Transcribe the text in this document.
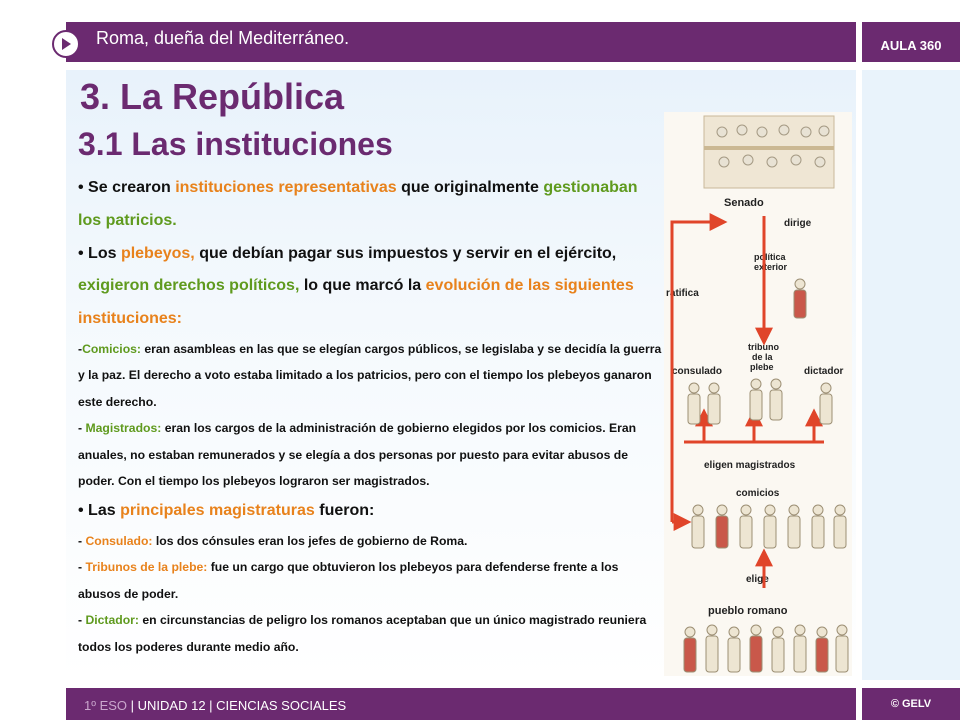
Roma, dueña del Mediterráneo.	AULA 360
3. La República
3.1 Las instituciones
• Se crearon instituciones representativas que originalmente gestionaban los patricios.
• Los plebeyos, que debían pagar sus impuestos y servir en el ejército, exigieron derechos políticos, lo que marcó la evolución de las siguientes instituciones:
-Comicios: eran asambleas en las que se elegían cargos públicos, se legislaba y se decidía la guerra y la paz. El derecho a voto estaba limitado a los patricios, pero con el tiempo los plebeyos ganaron este derecho.
- Magistrados: eran los cargos de la administración de gobierno elegidos por los comicios. Eran anuales, no estaban remunerados y se elegía a dos personas por puesto para evitar abusos de poder. Con el tiempo los plebeyos lograron ser magistrados.
• Las principales magistraturas fueron:
- Consulado: los dos cónsules eran los jefes de gobierno de Roma.
- Tribunos de la plebe: fue un cargo que obtuvieron los plebeyos para defenderse frente a los abusos de poder.
- Dictador: en circunstancias de peligro los romanos aceptaban que un único magistrado reuniera todos los poderes durante medio año.
Senado
dirige
política
exterior
ratifica
consulado
tribuno
de la
plebe	dictador
eligen magistrados
comicios
elige
pueblo romano
1º ESO | UNIDAD 12 | CIENCIAS SOCIALES	© GELV
